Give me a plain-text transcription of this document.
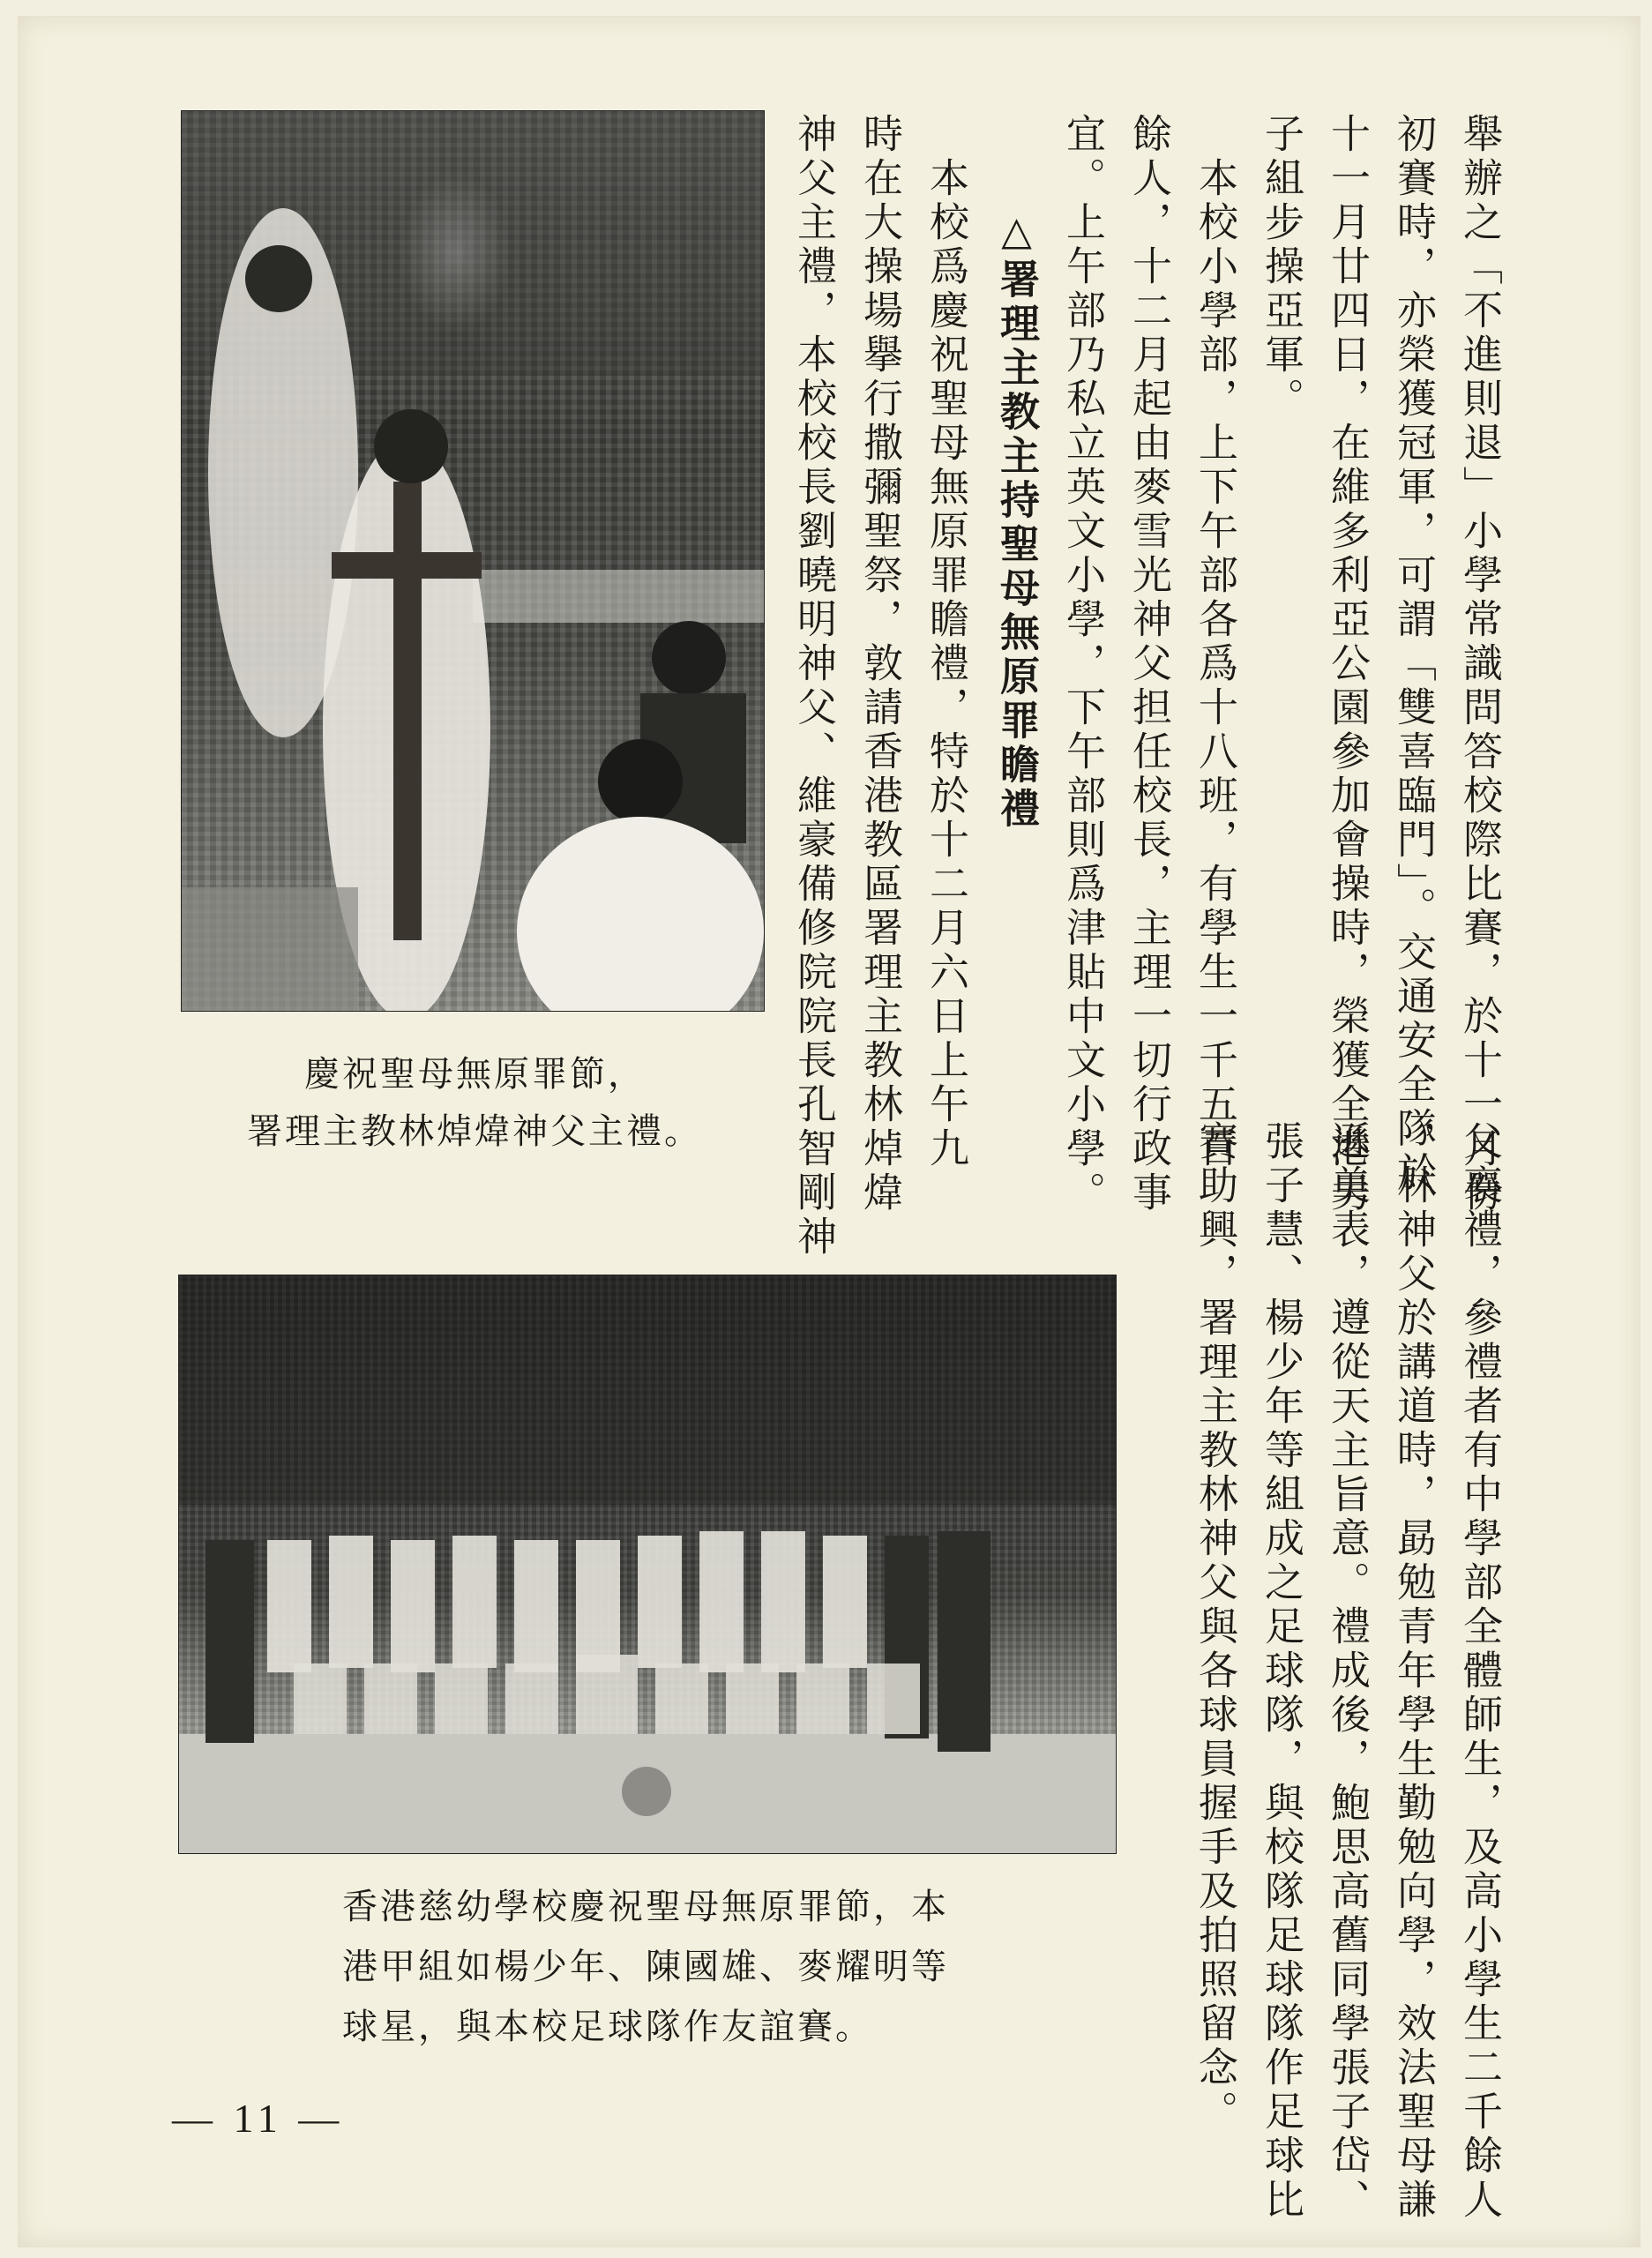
舉辦之「不進則退」小學常識問答校際比賽，於十一月份
初賽時，亦榮獲冠軍，可謂「雙喜臨門」。交通安全隊於
十一月廿四日，在維多利亞公園參加會操時，榮獲全港男
子組步操亞軍。
　本校小學部，上下午部各爲十八班，有學生一千五百
餘人，十二月起由麥雪光神父担任校長，主理一切行政事
宜。上午部乃私立英文小學，下午部則爲津貼中文小學。
△署理主教主持聖母無原罪瞻禮
　本校爲慶祝聖母無原罪瞻禮，特於十二月六日上午九
時在大操場擧行撒彌聖祭，敦請香港教區署理主教林焯煒
神父主禮，本校校長劉曉明神父、維豪備修院院長孔智剛神
慶祝聖母無原罪節，
署理主教林焯煒神父主禮。	父襄禮，參禮者有中學部全體師生，及高小學生二千餘人
，林神父於講道時，勗勉青年學生勤勉向學，效法聖母謙
遜美表，遵從天主旨意。禮成後，鮑思高舊同學張子岱、
張子慧、楊少年等組成之足球隊，與校隊足球隊作足球比
賽助興，署理主教林神父與各球員握手及拍照留念。
香港慈幼學校慶祝聖母無原罪節，本
港甲組如楊少年、陳國雄、麥耀明等
球星，與本校足球隊作友誼賽。
— 11 —
